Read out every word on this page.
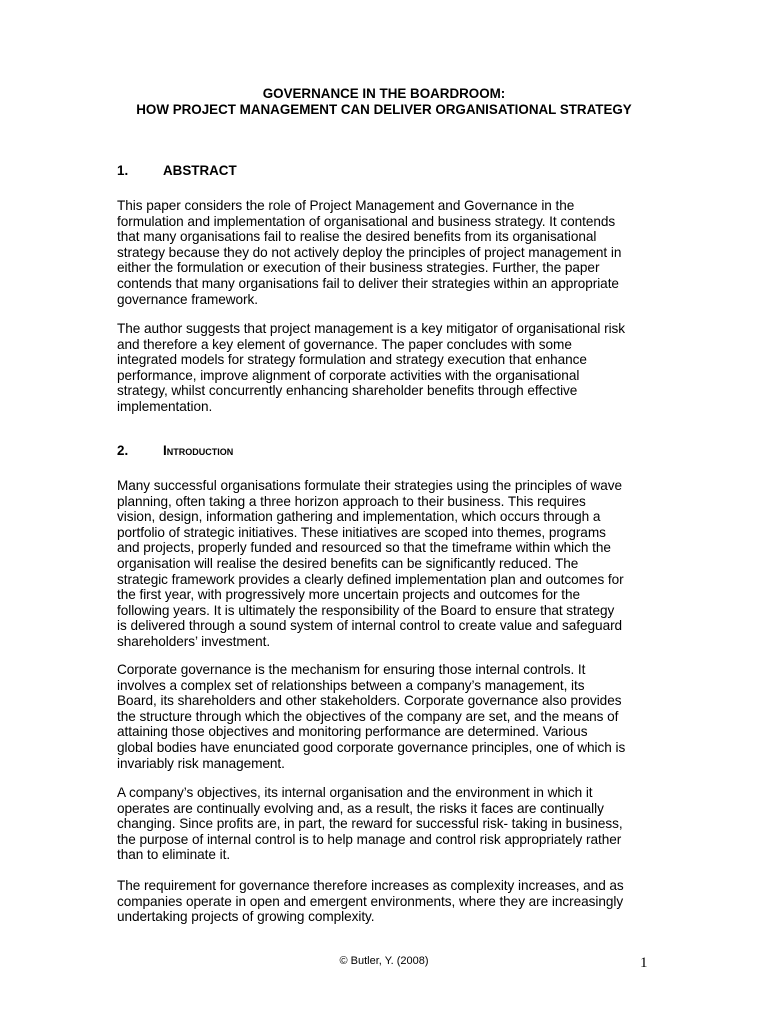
GOVERNANCE IN THE BOARDROOM:
HOW PROJECT MANAGEMENT CAN DELIVER ORGANISATIONAL STRATEGY
1.	ABSTRACT
This paper considers the role of Project Management and Governance in the
formulation and implementation of organisational and business strategy. It contends
that many organisations fail to realise the desired benefits from its organisational
strategy because they do not actively deploy the principles of project management in
either the formulation or execution of their business strategies. Further, the paper
contends that many organisations fail to deliver their strategies within an appropriate
governance framework.
The author suggests that project management is a key mitigator of organisational risk
and therefore a key element of governance. The paper concludes with some
integrated models for strategy formulation and strategy execution that enhance
performance, improve alignment of corporate activities with the organisational
strategy, whilst concurrently enhancing shareholder benefits through effective
implementation.
2.	Introduction
Many successful organisations formulate their strategies using the principles of wave
planning, often taking a three horizon approach to their business. This requires
vision, design, information gathering and implementation, which occurs through a
portfolio of strategic initiatives. These initiatives are scoped into themes, programs
and projects, properly funded and resourced so that the timeframe within which the
organisation will realise the desired benefits can be significantly reduced. The
strategic framework provides a clearly defined implementation plan and outcomes for
the first year, with progressively more uncertain projects and outcomes for the
following years. It is ultimately the responsibility of the Board to ensure that strategy
is delivered through a sound system of internal control to create value and safeguard
shareholders’ investment.
Corporate governance is the mechanism for ensuring those internal controls. It
involves a complex set of relationships between a company’s management, its
Board, its shareholders and other stakeholders. Corporate governance also provides
the structure through which the objectives of the company are set, and the means of
attaining those objectives and monitoring performance are determined. Various
global bodies have enunciated good corporate governance principles, one of which is
invariably risk management.
A company’s objectives, its internal organisation and the environment in which it
operates are continually evolving and, as a result, the risks it faces are continually
changing. Since profits are, in part, the reward for successful risk- taking in business,
the purpose of internal control is to help manage and control risk appropriately rather
than to eliminate it.
The requirement for governance therefore increases as complexity increases, and as
companies operate in open and emergent environments, where they are increasingly
undertaking projects of growing complexity.
© Butler, Y. (2008)	1
